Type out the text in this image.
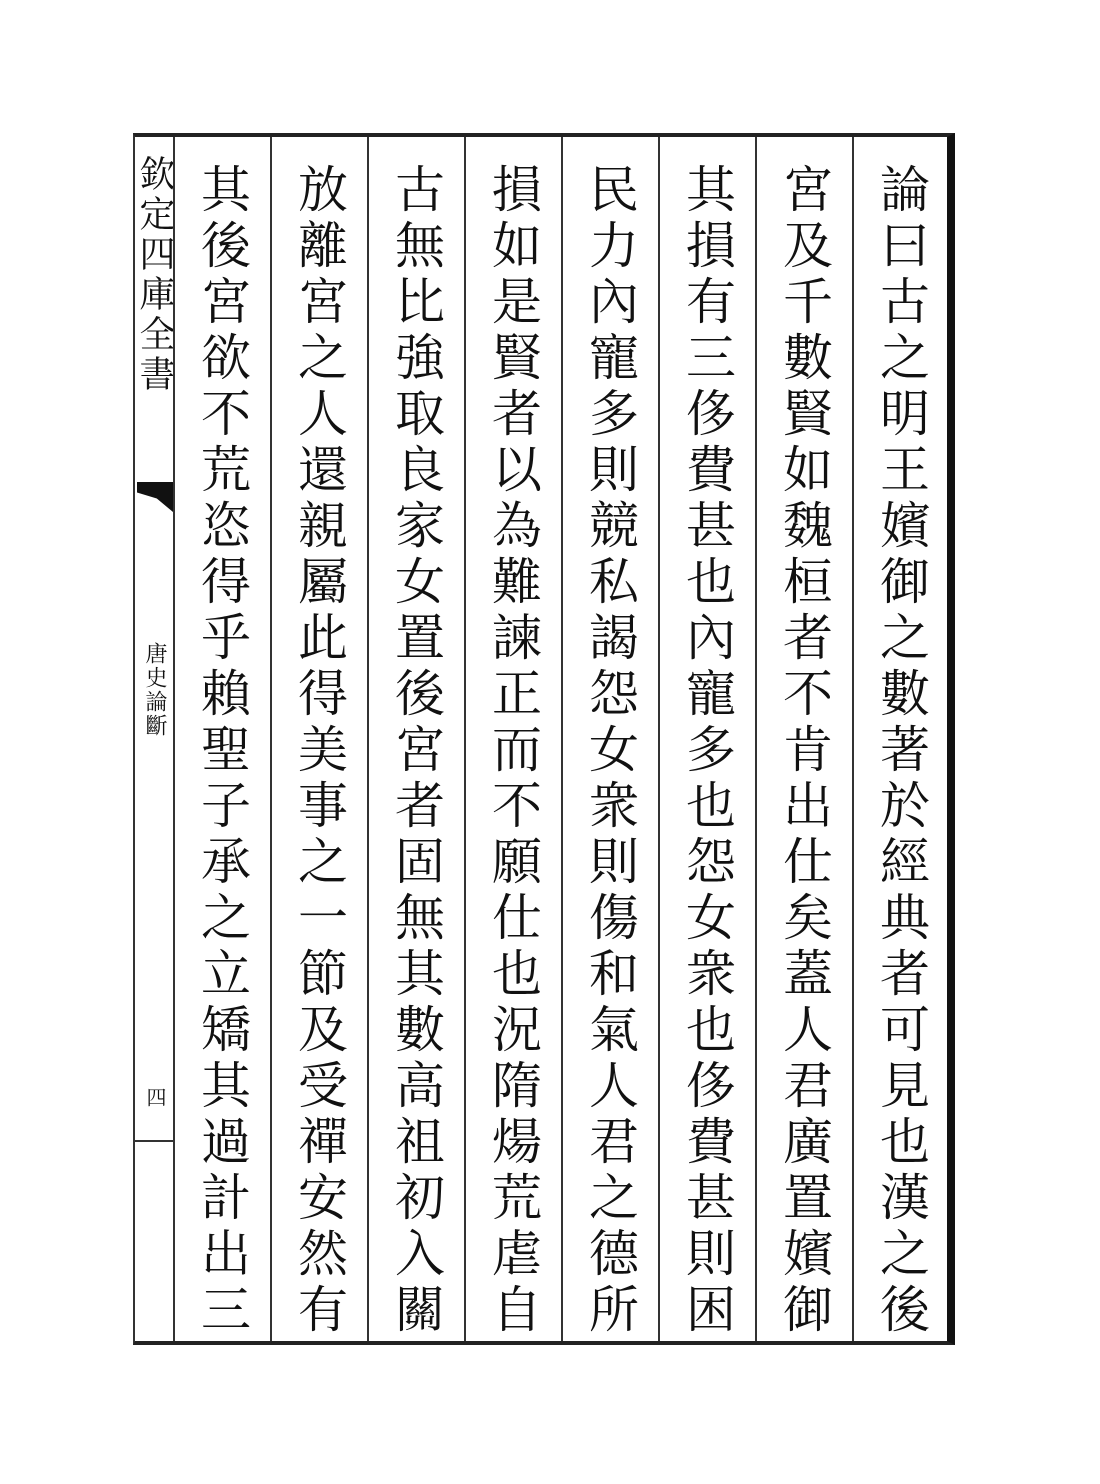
欽定四庫全書
唐史論斷
四 其後宮欲不荒恣得乎賴聖子承之立矯其過計出三 放離宮之人還親屬此得美事之一節及受禪安然有 古無比強取良家女置後宮者固無其數高祖初入關 損如是賢者以為難諫正而不願仕也況隋煬荒虐自 民力內寵多則競私謁怨女衆則傷和氣人君之德所 其損有三侈費甚也內寵多也怨女衆也侈費甚則困 宮及千數賢如魏桓者不肯出仕矣蓋人君廣置嬪御 論曰古之明王嬪御之數著於經典者可見也漢之後
